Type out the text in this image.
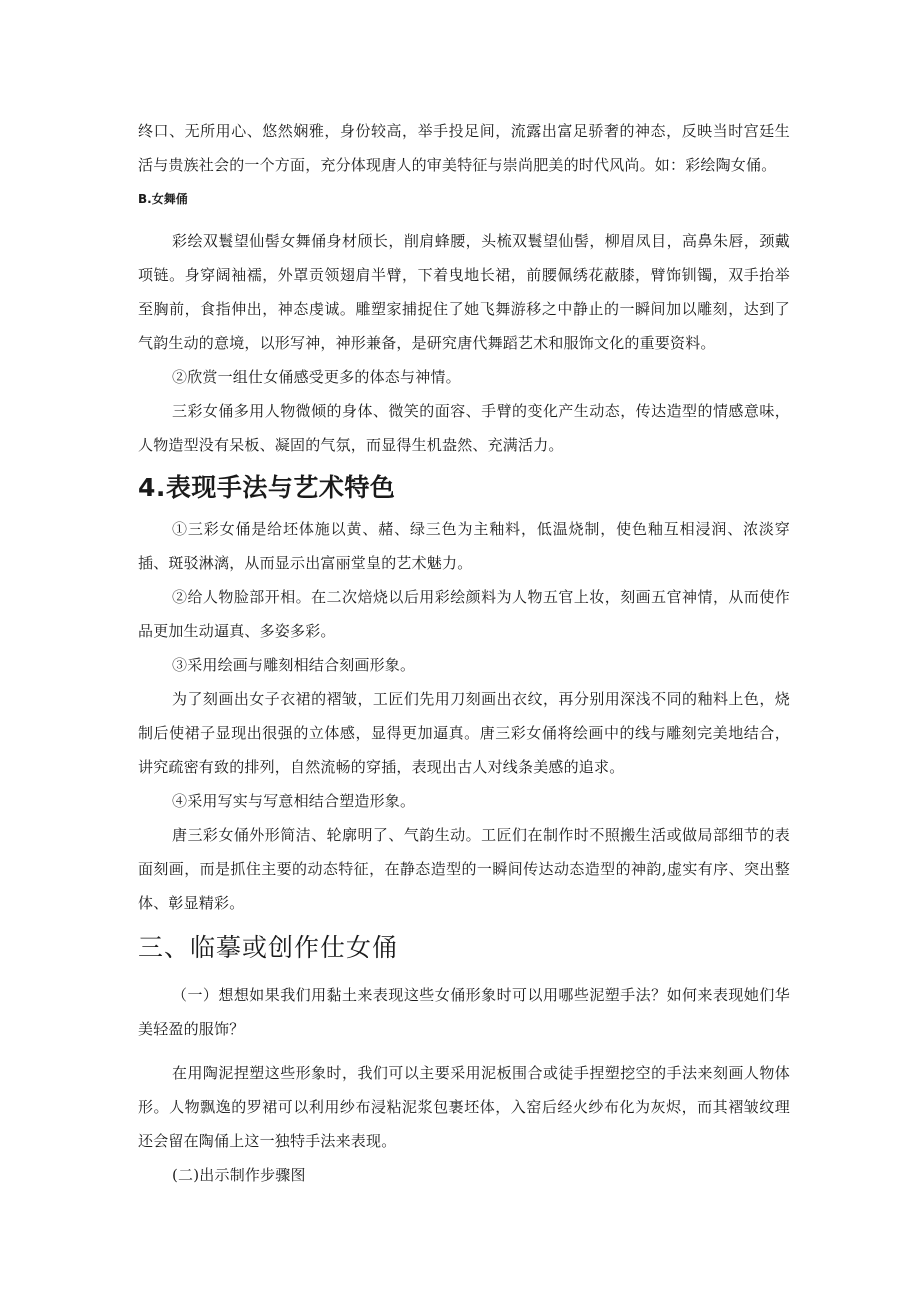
终口、无所用心、悠然娴雅，身份较高，举手投足间，流露出富足骄奢的神态，反映当时宫廷生活与贵族社会的一个方面，充分体现唐人的审美特征与崇尚肥美的时代风尚。如：彩绘陶女俑。

B.女舞俑

彩绘双鬟望仙髻女舞俑身材颀长，削肩蜂腰，头梳双鬟望仙髻，柳眉凤目，高鼻朱唇，颈戴项链。身穿阔袖襦，外罩贡领翅肩半臂，下着曳地长裙，前腰佩绣花蔽膝，臂饰钏镯，双手抬举至胸前，食指伸出，神态虔诚。雕塑家捕捉住了她飞舞游移之中静止的一瞬间加以雕刻，达到了气韵生动的意境，以形写神，神形兼备，是研究唐代舞蹈艺术和服饰文化的重要资料。

②欣赏一组仕女俑感受更多的体态与神情。

三彩女俑多用人物微倾的身体、微笑的面容、手臂的变化产生动态，传达造型的情感意味，人物造型没有呆板、凝固的气氛，而显得生机盎然、充满活力。

4.表现手法与艺术特色

①三彩女俑是给坯体施以黄、赭、绿三色为主釉料，低温烧制，使色釉互相浸润、浓淡穿插、斑驳淋漓，从而显示出富丽堂皇的艺术魅力。

②给人物脸部开相。在二次焙烧以后用彩绘颜料为人物五官上妆，刻画五官神情，从而使作品更加生动逼真、多姿多彩。

③采用绘画与雕刻相结合刻画形象。

为了刻画出女子衣裙的褶皱，工匠们先用刀刻画出衣纹，再分别用深浅不同的釉料上色，烧制后使裙子显现出很强的立体感，显得更加逼真。唐三彩女俑将绘画中的线与雕刻完美地结合，讲究疏密有致的排列，自然流畅的穿插，表现出古人对线条美感的追求。

④采用写实与写意相结合塑造形象。

唐三彩女俑外形简洁、轮廓明了、气韵生动。工匠们在制作时不照搬生活或做局部细节的表面刻画，而是抓住主要的动态特征，在静态造型的一瞬间传达动态造型的神韵,虚实有序、突出整体、彰显精彩。

三、临摹或创作仕女俑

（一）想想如果我们用黏土来表现这些女俑形象时可以用哪些泥塑手法？如何来表现她们华美轻盈的服饰？

在用陶泥捏塑这些形象时，我们可以主要采用泥板围合或徒手捏塑挖空的手法来刻画人物体形。人物飘逸的罗裙可以利用纱布浸粘泥浆包裹坯体，入窑后经火纱布化为灰烬，而其褶皱纹理还会留在陶俑上这一独特手法来表现。

(二)出示制作步骤图
